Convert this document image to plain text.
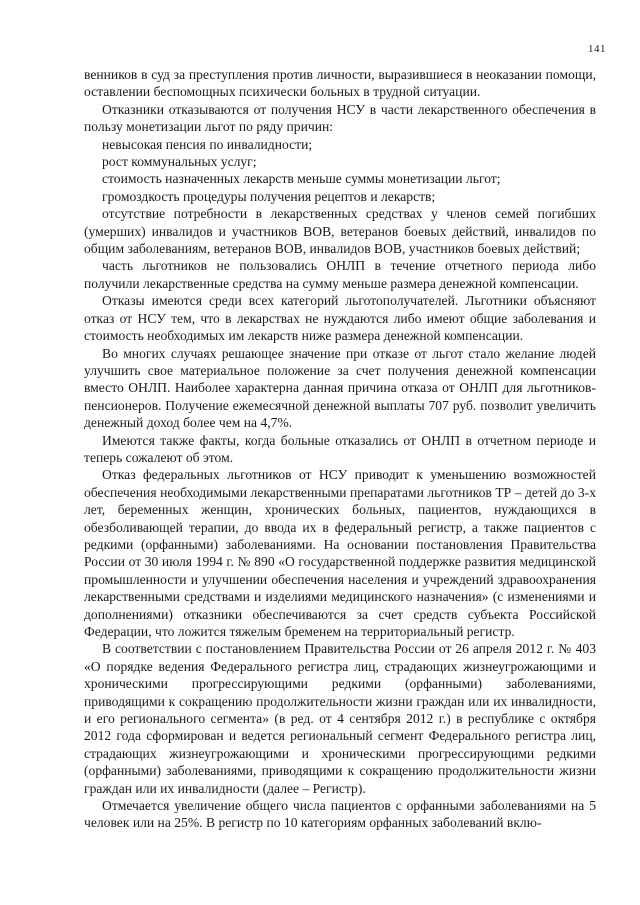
141

венников в суд за преступления против личности, выразившиеся в неоказании помощи, оставлении беспомощных психически больных в трудной ситуации.

Отказники отказываются от получения НСУ в части лекарственного обеспечения в пользу монетизации льгот по ряду причин:

невысокая пенсия по инвалидности;

рост коммунальных услуг;

стоимость назначенных лекарств меньше суммы монетизации льгот;

громоздкость процедуры получения рецептов и лекарств;

отсутствие потребности в лекарственных средствах у членов семей погибших (умерших) инвалидов и участников ВОВ, ветеранов боевых действий, инвалидов по общим заболеваниям, ветеранов ВОВ, инвалидов ВОВ, участников боевых действий;

часть льготников не пользовались ОНЛП в течение отчетного периода либо получили лекарственные средства на сумму меньше размера денежной компенсации.

Отказы имеются среди всех категорий льготополучателей. Льготники объясняют отказ от НСУ тем, что в лекарствах не нуждаются либо имеют общие заболевания и стоимость необходимых им лекарств ниже размера денежной компенсации.

Во многих случаях решающее значение при отказе от льгот стало желание людей улучшить свое материальное положение за счет получения денежной компенсации вместо ОНЛП. Наиболее характерна данная причина отказа от ОНЛП для льготников-пенсионеров. Получение ежемесячной денежной выплаты 707 руб. позволит увеличить денежный доход более чем на 4,7%.

Имеются также факты, когда больные отказались от ОНЛП в отчетном периоде и теперь сожалеют об этом.

Отказ федеральных льготников от НСУ приводит к уменьшению возможностей обеспечения необходимыми лекарственными препаратами льготников ТР – детей до 3-х лет, беременных женщин, хронических больных, пациентов, нуждающихся в обезболивающей терапии, до ввода их в федеральный регистр, а также пациентов с редкими (орфанными) заболеваниями. На основании постановления Правительства России от 30 июля 1994 г. № 890 «О государственной поддержке развития медицинской промышленности и улучшении обеспечения населения и учреждений здравоохранения лекарственными средствами и изделиями медицинского назначения» (с изменениями и дополнениями) отказники обеспечиваются за счет средств субъекта Российской Федерации, что ложится тяжелым бременем на территориальный регистр.

В соответствии с постановлением Правительства России от 26 апреля 2012 г. № 403 «О порядке ведения Федерального регистра лиц, страдающих жизнеугрожающими и хроническими прогрессирующими редкими (орфанными) заболеваниями, приводящими к сокращению продолжительности жизни граждан или их инвалидности, и его регионального сегмента» (в ред. от 4 сентября 2012 г.) в республике с октября 2012 года сформирован и ведется региональный сегмент Федерального регистра лиц, страдающих жизнеугрожающими и хроническими прогрессирующими редкими (орфанными) заболеваниями, приводящими к сокращению продолжительности жизни граждан или их инвалидности (далее – Регистр).

Отмечается увеличение общего числа пациентов с орфанными заболеваниями на 5 человек или на 25%. В регистр по 10 категориям орфанных заболеваний вклю-
